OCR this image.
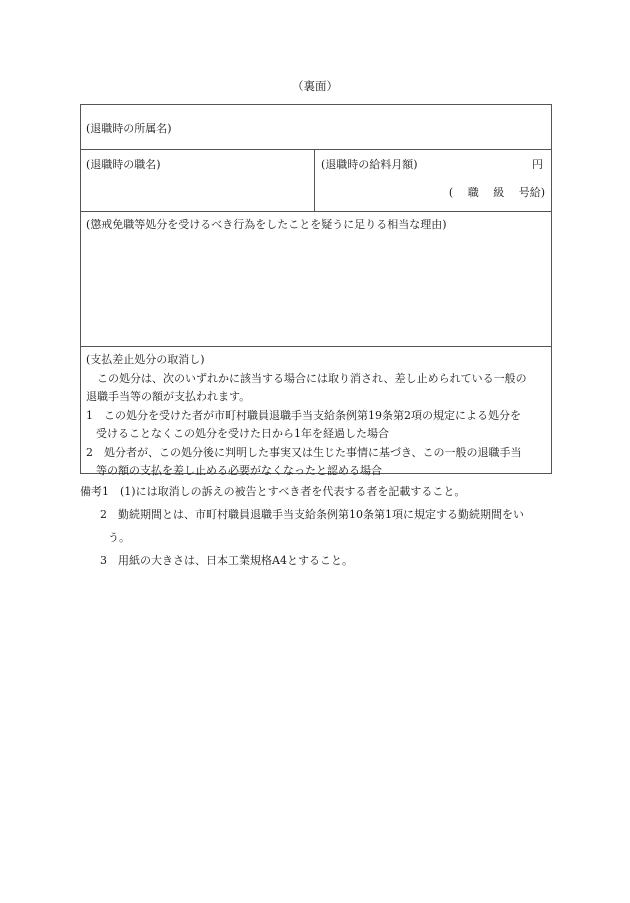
（裏面）
(退職時の所属名)
(退職時の職名)	(退職時の給料月額)	円
(　 職　 級　 号給)
(懲戒免職等処分を受けるべき行為をしたことを疑うに足りる相当な理由)
(支払差止処分の取消し)
この処分は、次のいずれかに該当する場合には取り消され、差し止められている一般の
退職手当等の額が支払われます。
1　この処分を受けた者が市町村職員退職手当支給条例第19条第2項の規定による処分を
受けることなくこの処分を受けた日から1年を経過した場合
2　処分者が、この処分後に判明した事実又は生じた事情に基づき、この一般の退職手当
等の額の支払を差し止める必要がなくなったと認める場合
備考1　(1)には取消しの訴えの被告とすべき者を代表する者を記載すること。
2　勤続期間とは、市町村職員退職手当支給条例第10条第1項に規定する勤続期間をい
う。
3　用紙の大きさは、日本工業規格A4とすること。
